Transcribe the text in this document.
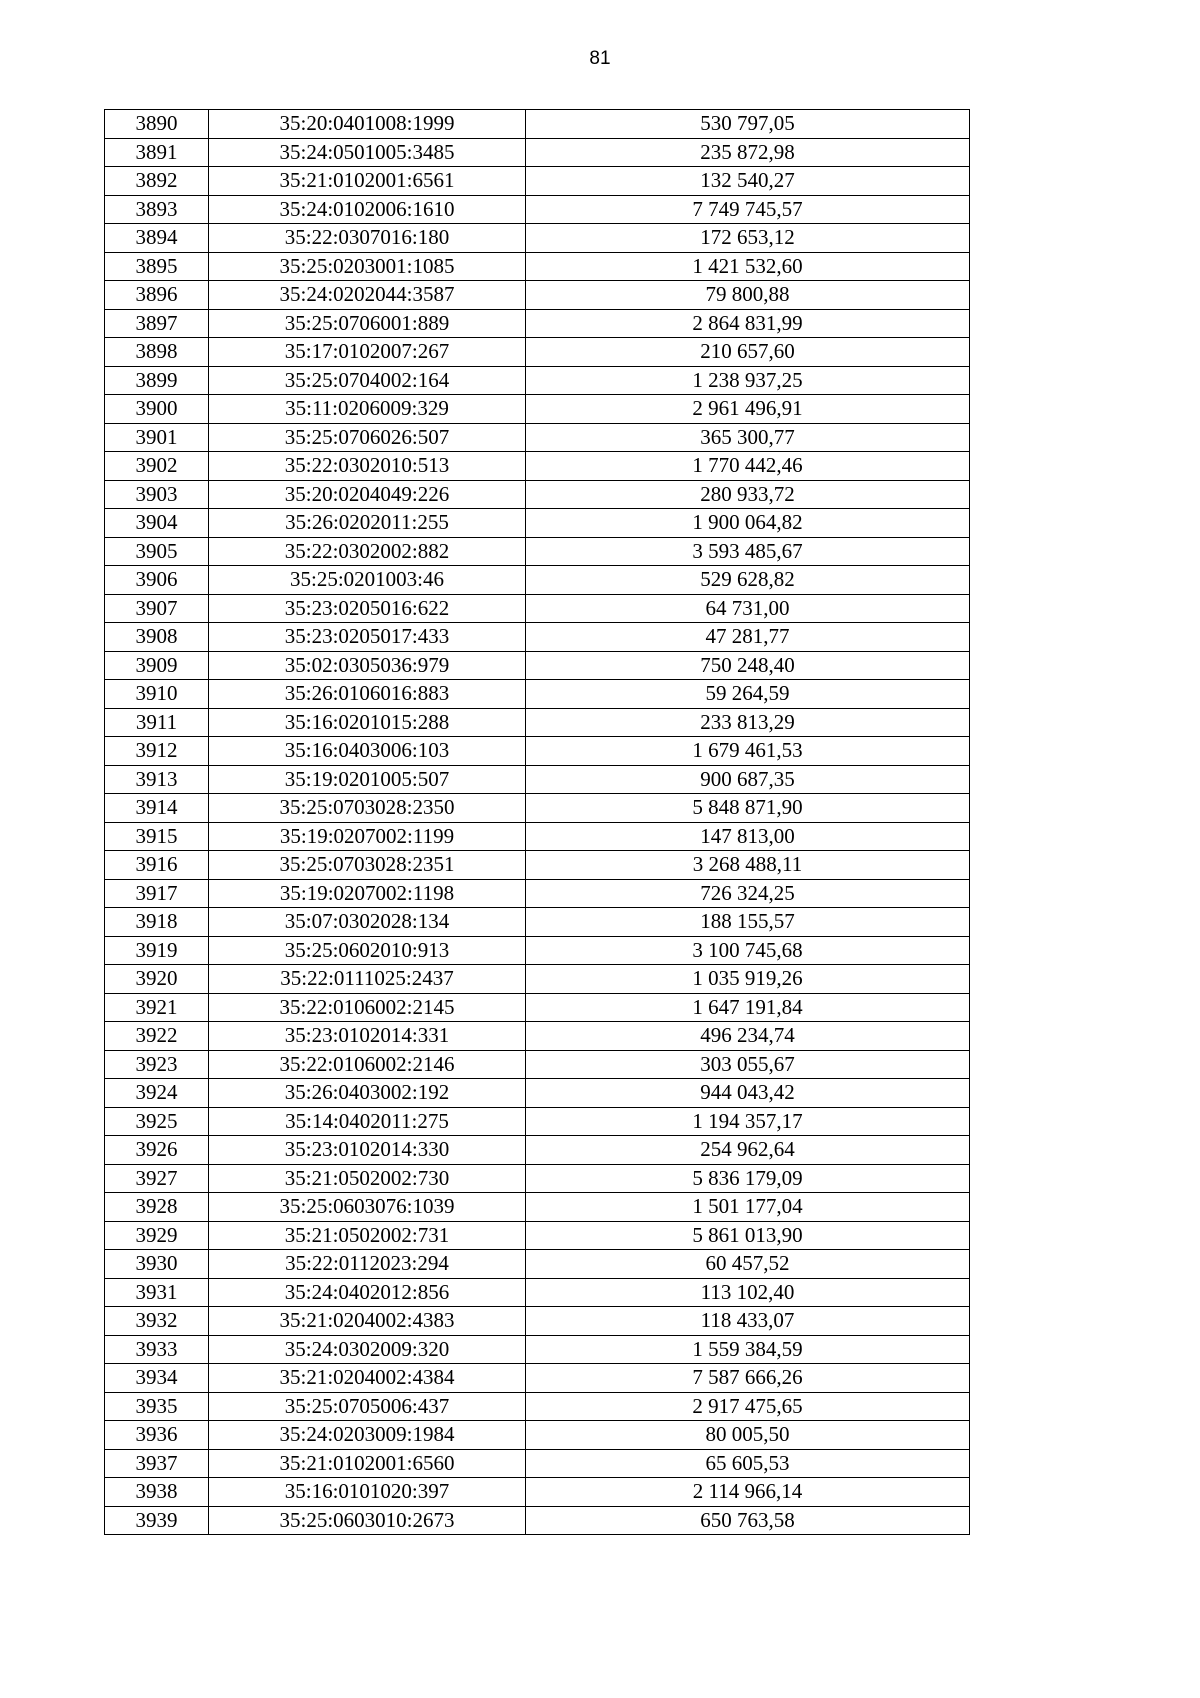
81
3890	35:20:0401008:1999	530 797,05
3891	35:24:0501005:3485	235 872,98
3892	35:21:0102001:6561	132 540,27
3893	35:24:0102006:1610	7 749 745,57
3894	35:22:0307016:180	172 653,12
3895	35:25:0203001:1085	1 421 532,60
3896	35:24:0202044:3587	79 800,88
3897	35:25:0706001:889	2 864 831,99
3898	35:17:0102007:267	210 657,60
3899	35:25:0704002:164	1 238 937,25
3900	35:11:0206009:329	2 961 496,91
3901	35:25:0706026:507	365 300,77
3902	35:22:0302010:513	1 770 442,46
3903	35:20:0204049:226	280 933,72
3904	35:26:0202011:255	1 900 064,82
3905	35:22:0302002:882	3 593 485,67
3906	35:25:0201003:46	529 628,82
3907	35:23:0205016:622	64 731,00
3908	35:23:0205017:433	47 281,77
3909	35:02:0305036:979	750 248,40
3910	35:26:0106016:883	59 264,59
3911	35:16:0201015:288	233 813,29
3912	35:16:0403006:103	1 679 461,53
3913	35:19:0201005:507	900 687,35
3914	35:25:0703028:2350	5 848 871,90
3915	35:19:0207002:1199	147 813,00
3916	35:25:0703028:2351	3 268 488,11
3917	35:19:0207002:1198	726 324,25
3918	35:07:0302028:134	188 155,57
3919	35:25:0602010:913	3 100 745,68
3920	35:22:0111025:2437	1 035 919,26
3921	35:22:0106002:2145	1 647 191,84
3922	35:23:0102014:331	496 234,74
3923	35:22:0106002:2146	303 055,67
3924	35:26:0403002:192	944 043,42
3925	35:14:0402011:275	1 194 357,17
3926	35:23:0102014:330	254 962,64
3927	35:21:0502002:730	5 836 179,09
3928	35:25:0603076:1039	1 501 177,04
3929	35:21:0502002:731	5 861 013,90
3930	35:22:0112023:294	60 457,52
3931	35:24:0402012:856	113 102,40
3932	35:21:0204002:4383	118 433,07
3933	35:24:0302009:320	1 559 384,59
3934	35:21:0204002:4384	7 587 666,26
3935	35:25:0705006:437	2 917 475,65
3936	35:24:0203009:1984	80 005,50
3937	35:21:0102001:6560	65 605,53
3938	35:16:0101020:397	2 114 966,14
3939	35:25:0603010:2673	650 763,58
